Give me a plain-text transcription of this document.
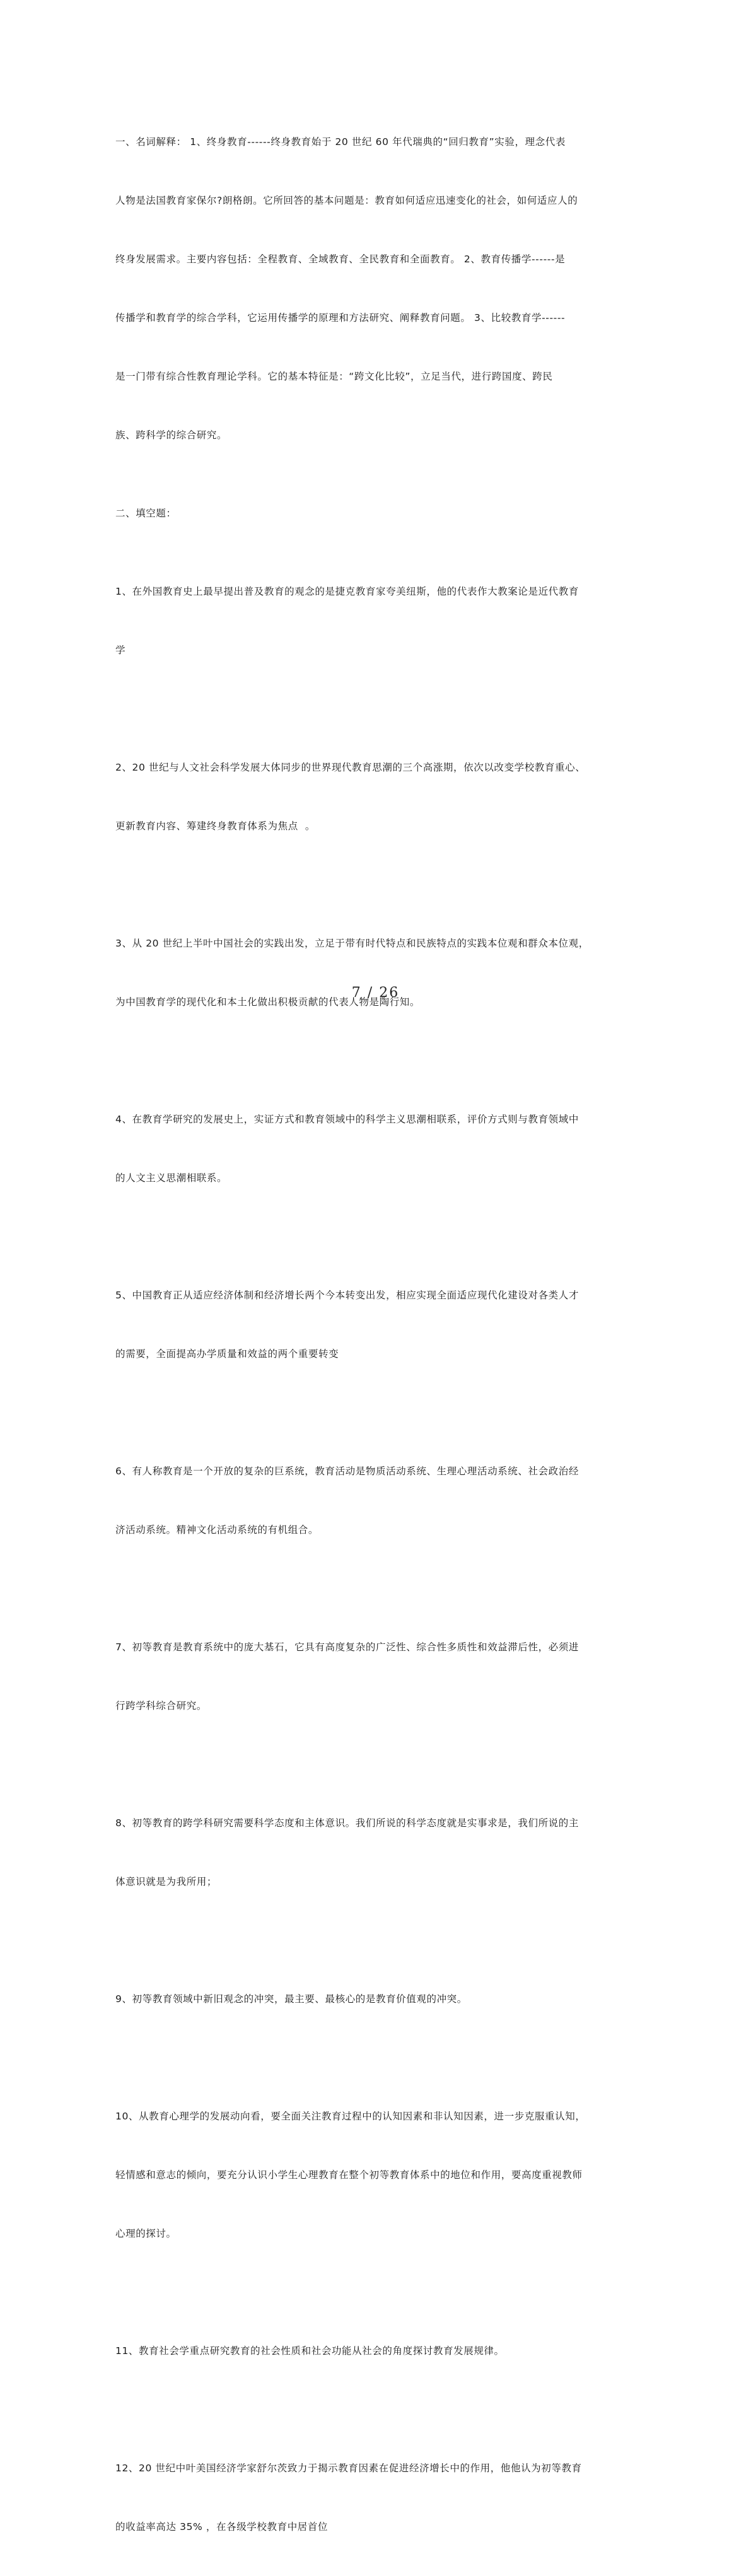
一、名词解释： 1、终身教育------终身教育始于 20 世纪 60 年代瑞典的“回归教育”实验，理念代表

人物是法国教育家保尔?朗格朗。它所回答的基本问题是：教育如何适应迅速变化的社会，如何适应人的

终身发展需求。主要内容包括：全程教育、全域教育、全民教育和全面教育。 2、教育传播学------是

传播学和教育学的综合学科，它运用传播学的原理和方法研究、阐释教育问题。 3、比较教育学------

是一门带有综合性教育理论学科。它的基本特征是：“跨文化比较”，立足当代，进行跨国度、跨民

族、跨科学的综合研究。

二、填空题：

1、在外国教育史上最早提出普及教育的观念的是捷克教育家夸美纽斯，他的代表作大教案论是近代教育

学

2、20 世纪与人文社会科学发展大体同步的世界现代教育思潮的三个高涨期，依次以改变学校教育重心、

更新教育内容、筹建终身教育体系为焦点  。

3、从 20 世纪上半叶中国社会的实践出发，立足于带有时代特点和民族特点的实践本位观和群众本位观，

为中国教育学的现代化和本土化做出积极贡献的代表人物是陶行知。

4、在教育学研究的发展史上，实证方式和教育领域中的科学主义思潮相联系，评价方式则与教育领域中

的人文主义思潮相联系。

5、中国教育正从适应经济体制和经济增长两个今本转变出发，相应实现全面适应现代化建设对各类人才

的需要，全面提高办学质量和效益的两个重要转变

6、有人称教育是一个开放的复杂的巨系统，教育活动是物质活动系统、生理心理活动系统、社会政治经

济活动系统。精神文化活动系统的有机组合。

7、初等教育是教育系统中的庞大基石，它具有高度复杂的广泛性、综合性多质性和效益滞后性，必须进

行跨学科综合研究。

8、初等教育的跨学科研究需要科学态度和主体意识。我们所说的科学态度就是实事求是，我们所说的主

体意识就是为我所用；

9、初等教育领域中新旧观念的冲突，最主要、最核心的是教育价值观的冲突。

10、从教育心理学的发展动向看，要全面关注教育过程中的认知因素和非认知因素，进一步克服重认知，

轻情感和意志的倾向，要充分认识小学生心理教育在整个初等教育体系中的地位和作用，要高度重视教师

心理的探讨。

11、教育社会学重点研究教育的社会性质和社会功能从社会的角度探讨教育发展规律。

12、20 世纪中叶美国经济学家舒尔茨致力于揭示教育因素在促进经济增长中的作用，他他认为初等教育

的收益率高达 35% ，在各级学校教育中居首位

7 / 26
